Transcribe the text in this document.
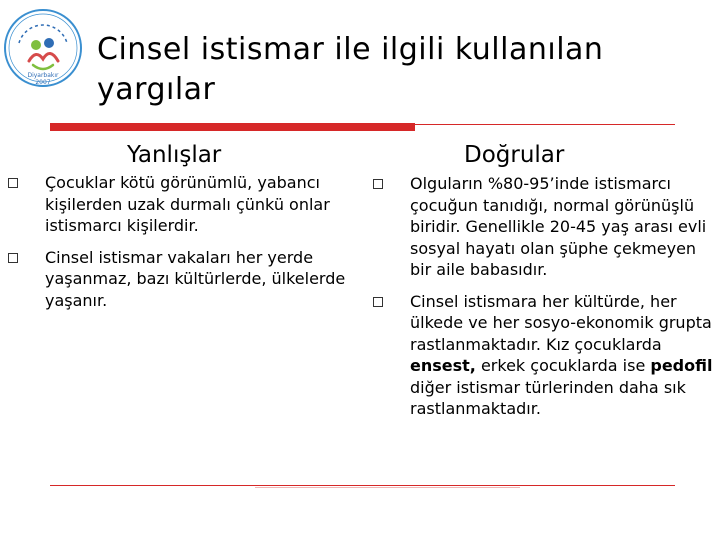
Diyarbakır
2007
Cinsel istismar ile ilgili kullanılan yargılar
Yanlışlar	Doğrular
Çocuklar kötü görünümlü, yabancı kişilerden uzak durmalı çünkü onlar istismarcı kişilerdir.
Cinsel istismar vakaları her yerde yaşanmaz, bazı kültürlerde, ülkelerde yaşanır.
Olguların %80-95’inde istismarcı çocuğun tanıdığı, normal görünüşlü biridir. Genellikle 20-45 yaş arası evli sosyal hayatı olan şüphe çekmeyen bir aile babasıdır.
Cinsel istismara her kültürde, her ülkede ve her sosyo-ekonomik grupta rastlanmaktadır. Kız çocuklarda ensest, erkek çocuklarda ise pedofil diğer istismar türlerinden daha sık rastlanmaktadır.
